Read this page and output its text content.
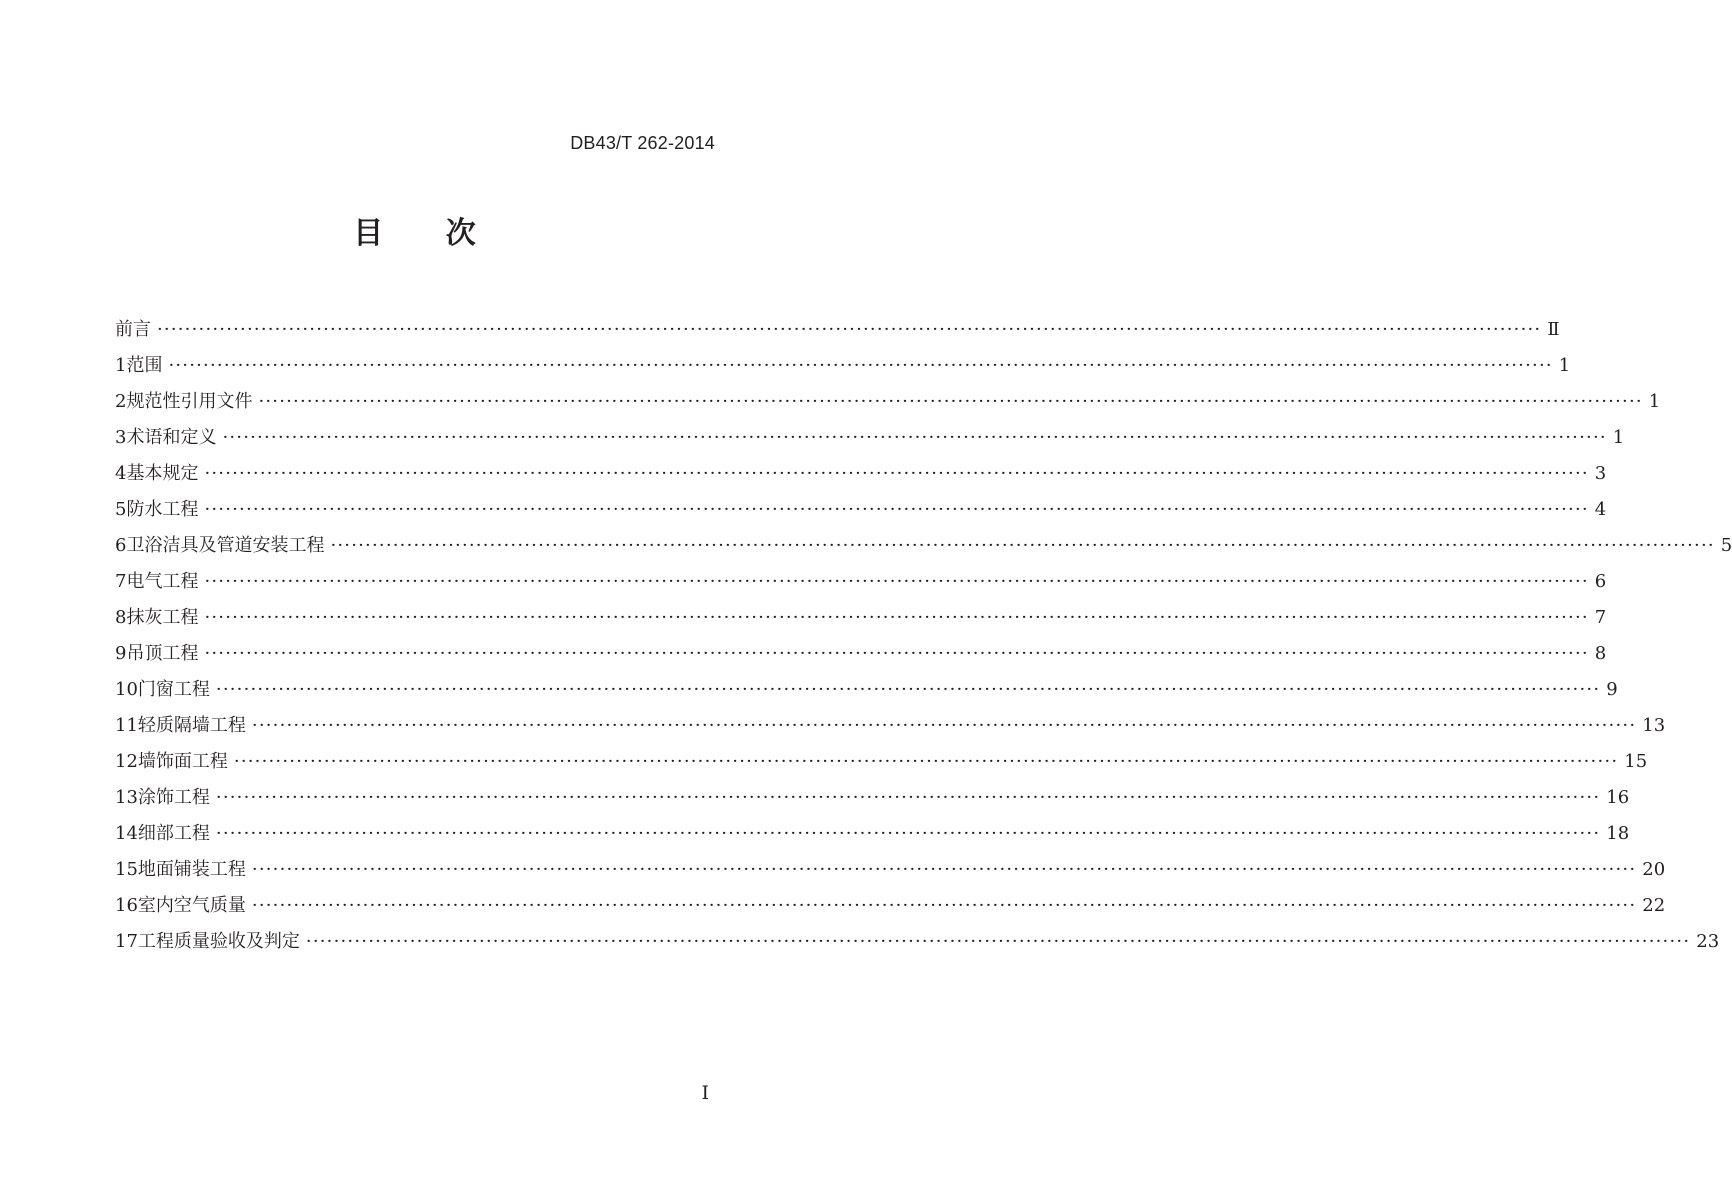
DB43/T 262-2014
目 次
前言 ········································································································································································································ Ⅱ
1 范围 ········································································································································································································ 1
2 规范性引用文件 ········································································································································································································ 1
3 术语和定义 ········································································································································································································ 1
4 基本规定 ········································································································································································································ 3
5 防水工程 ········································································································································································································ 4
6 卫浴洁具及管道安装工程 ········································································································································································································ 5
7 电气工程 ········································································································································································································ 6
8 抹灰工程 ········································································································································································································ 7
9 吊顶工程 ········································································································································································································ 8
10 门窗工程 ········································································································································································································ 9
11 轻质隔墙工程 ········································································································································································································ 13
12 墙饰面工程 ········································································································································································································ 15
13 涂饰工程 ········································································································································································································ 16
14 细部工程 ········································································································································································································ 18
15 地面铺装工程 ········································································································································································································ 20
16 室内空气质量 ········································································································································································································ 22
17 工程质量验收及判定 ········································································································································································································ 23
I
